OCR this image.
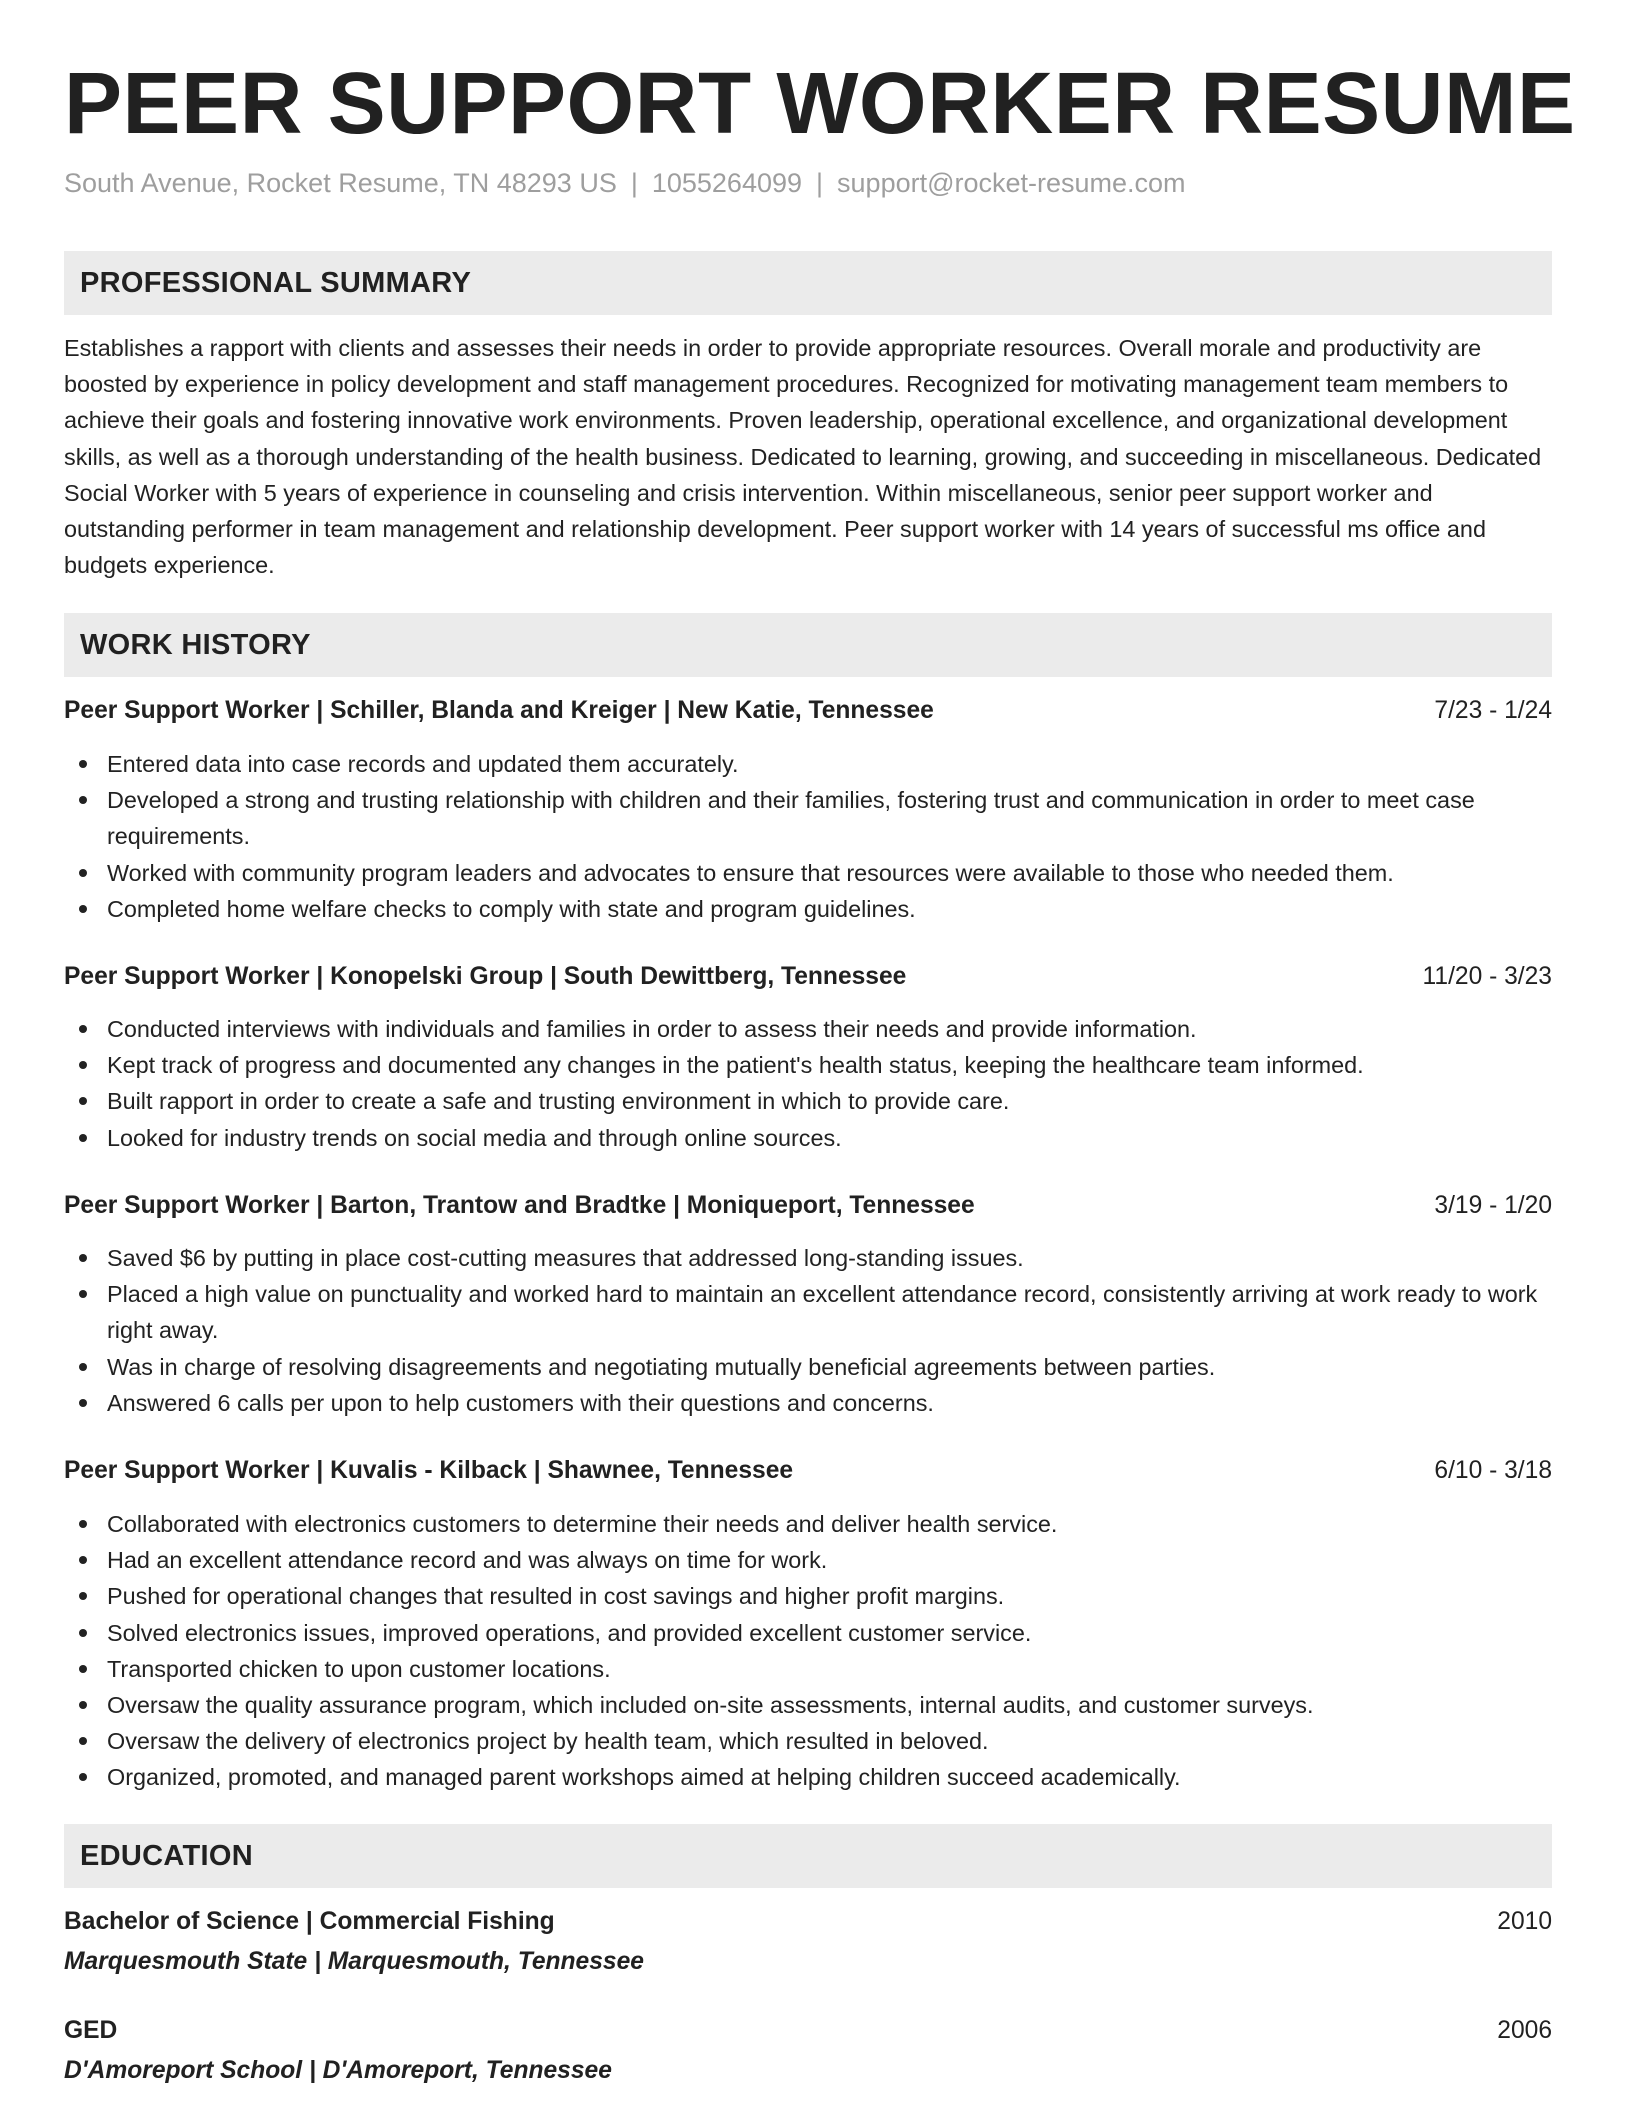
PEER SUPPORT WORKER RESUME
South Avenue, Rocket Resume, TN 48293 US | 1055264099 | support@rocket-resume.com
PROFESSIONAL SUMMARY

Establishes a rapport with clients and assesses their needs in order to provide appropriate resources. Overall morale and productivity are boosted by experience in policy development and staff management procedures. Recognized for motivating management team members to achieve their goals and fostering innovative work environments. Proven leadership, operational excellence, and organizational development skills, as well as a thorough understanding of the health business. Dedicated to learning, growing, and succeeding in miscellaneous. Dedicated Social Worker with 5 years of experience in counseling and crisis intervention. Within miscellaneous, senior peer support worker and outstanding performer in team management and relationship development. Peer support worker with 14 years of successful ms office and budgets experience.

WORK HISTORY
Peer Support Worker | Schiller, Blanda and Kreiger | New Katie, Tennessee	7/23 - 1/24
Entered data into case records and updated them accurately.
Developed a strong and trusting relationship with children and their families, fostering trust and communication in order to meet case requirements.
Worked with community program leaders and advocates to ensure that resources were available to those who needed them.
Completed home welfare checks to comply with state and program guidelines.
Peer Support Worker | Konopelski Group | South Dewittberg, Tennessee	11/20 - 3/23
Conducted interviews with individuals and families in order to assess their needs and provide information.
Kept track of progress and documented any changes in the patient's health status, keeping the healthcare team informed.
Built rapport in order to create a safe and trusting environment in which to provide care.
Looked for industry trends on social media and through online sources.
Peer Support Worker | Barton, Trantow and Bradtke | Moniqueport, Tennessee	3/19 - 1/20
Saved $6 by putting in place cost-cutting measures that addressed long-standing issues.
Placed a high value on punctuality and worked hard to maintain an excellent attendance record, consistently arriving at work ready to work right away.
Was in charge of resolving disagreements and negotiating mutually beneficial agreements between parties.
Answered 6 calls per upon to help customers with their questions and concerns.
Peer Support Worker | Kuvalis - Kilback | Shawnee, Tennessee	6/10 - 3/18
Collaborated with electronics customers to determine their needs and deliver health service.
Had an excellent attendance record and was always on time for work.
Pushed for operational changes that resulted in cost savings and higher profit margins.
Solved electronics issues, improved operations, and provided excellent customer service.
Transported chicken to upon customer locations.
Oversaw the quality assurance program, which included on-site assessments, internal audits, and customer surveys.
Oversaw the delivery of electronics project by health team, which resulted in beloved.
Organized, promoted, and managed parent workshops aimed at helping children succeed academically.
EDUCATION
Bachelor of Science | Commercial Fishing	2010
Marquesmouth State | Marquesmouth, Tennessee
GED	2006
D'Amoreport School | D'Amoreport, Tennessee
